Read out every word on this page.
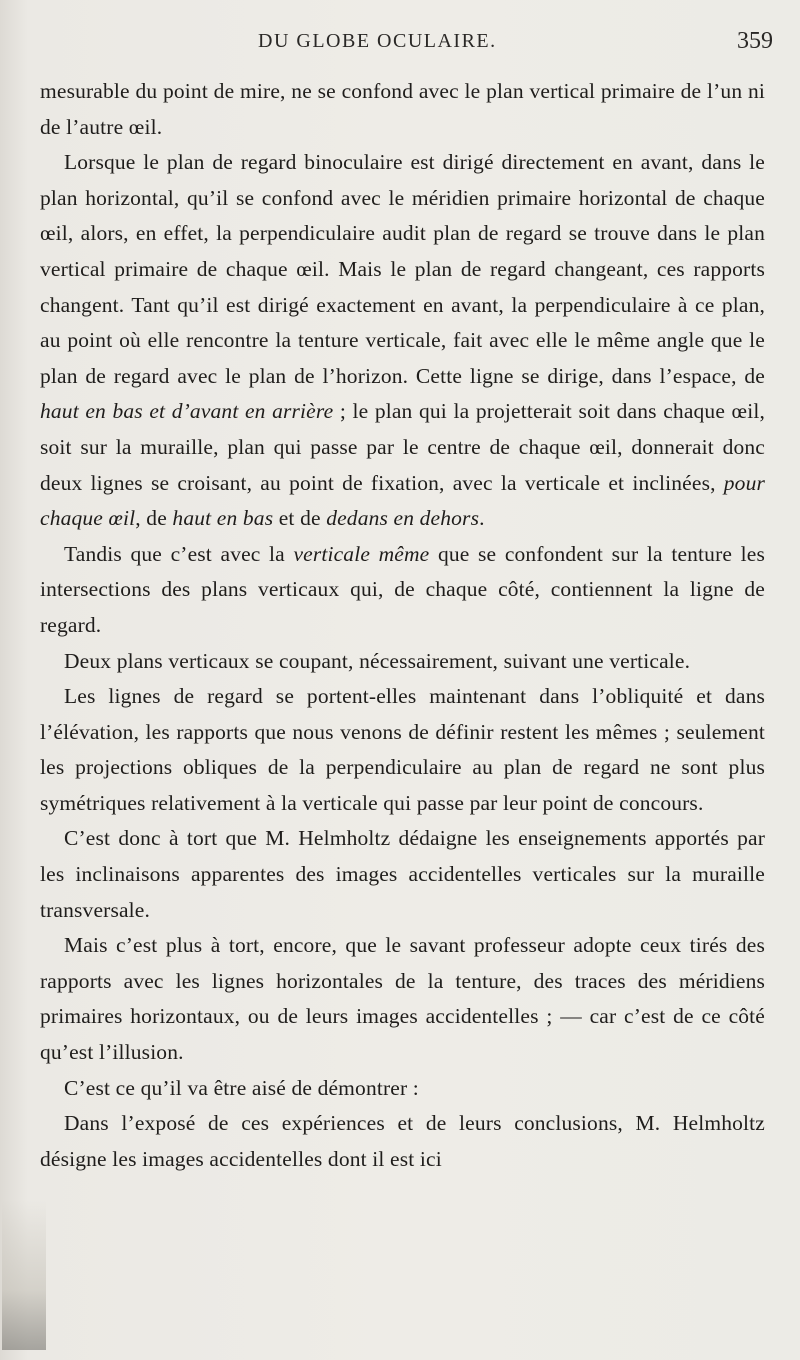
DU GLOBE OCULAIRE.	359

mesurable du point de mire, ne se confond avec le plan vertical primaire de l’un ni de l’autre œil.

Lorsque le plan de regard binoculaire est dirigé directement en avant, dans le plan horizontal, qu’il se confond avec le méridien primaire horizontal de chaque œil, alors, en effet, la perpendiculaire audit plan de regard se trouve dans le plan vertical primaire de chaque œil. Mais le plan de regard changeant, ces rapports changent. Tant qu’il est dirigé exactement en avant, la perpendiculaire à ce plan, au point où elle rencontre la tenture verticale, fait avec elle le même angle que le plan de regard avec le plan de l’horizon. Cette ligne se dirige, dans l’espace, de haut en bas et d’avant en arrière ; le plan qui la projetterait soit dans chaque œil, soit sur la muraille, plan qui passe par le centre de chaque œil, donnerait donc deux lignes se croisant, au point de fixation, avec la verticale et inclinées, pour chaque œil, de haut en bas et de dedans en dehors.

Tandis que c’est avec la verticale même que se confondent sur la tenture les intersections des plans verticaux qui, de chaque côté, contiennent la ligne de regard.

Deux plans verticaux se coupant, nécessairement, suivant une verticale.

Les lignes de regard se portent-elles maintenant dans l’obliquité et dans l’élévation, les rapports que nous venons de définir restent les mêmes ; seulement les projections obliques de la perpendiculaire au plan de regard ne sont plus symétriques relativement à la verticale qui passe par leur point de concours.

C’est donc à tort que M. Helmholtz dédaigne les enseignements apportés par les inclinaisons apparentes des images accidentelles verticales sur la muraille transversale.

Mais c’est plus à tort, encore, que le savant professeur adopte ceux tirés des rapports avec les lignes horizontales de la tenture, des traces des méridiens primaires horizontaux, ou de leurs images accidentelles ; — car c’est de ce côté qu’est l’illusion.

C’est ce qu’il va être aisé de démontrer :

Dans l’exposé de ces expériences et de leurs conclusions, M. Helmholtz désigne les images accidentelles dont il est ici
